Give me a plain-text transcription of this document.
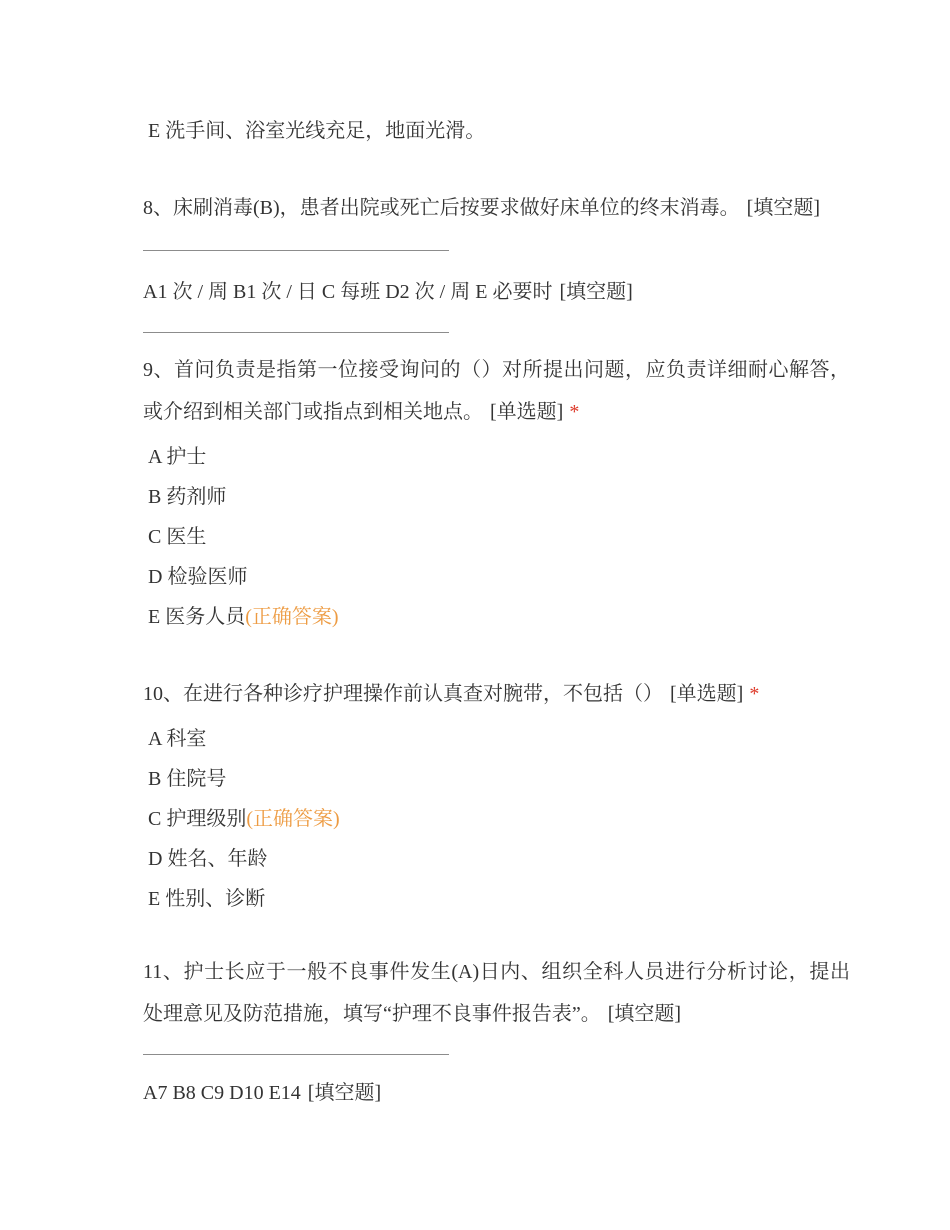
E 洗手间、浴室光线充足，地面光滑。
8、床刷消毒(B)，患者出院或死亡后按要求做好床单位的终末消毒。 [填空题]
A1 次 / 周 B1 次 / 日 C 每班 D2 次 / 周 E 必要时 [填空题]
9、首问负责是指第一位接受询问的（）对所提出问题，应负责详细耐心解答，或介绍到相关部门或指点到相关地点。 [单选题] *
A 护士
B 药剂师
C 医生
D 检验医师
E 医务人员(正确答案)
10、在进行各种诊疗护理操作前认真查对腕带，不包括（） [单选题] *
A 科室
B 住院号
C 护理级别(正确答案)
D 姓名、年龄
E 性别、诊断
11、护士长应于一般不良事件发生(A)日内、组织全科人员进行分析讨论，提出处理意见及防范措施，填写“护理不良事件报告表”。 [填空题]
A7 B8 C9 D10 E14 [填空题]
